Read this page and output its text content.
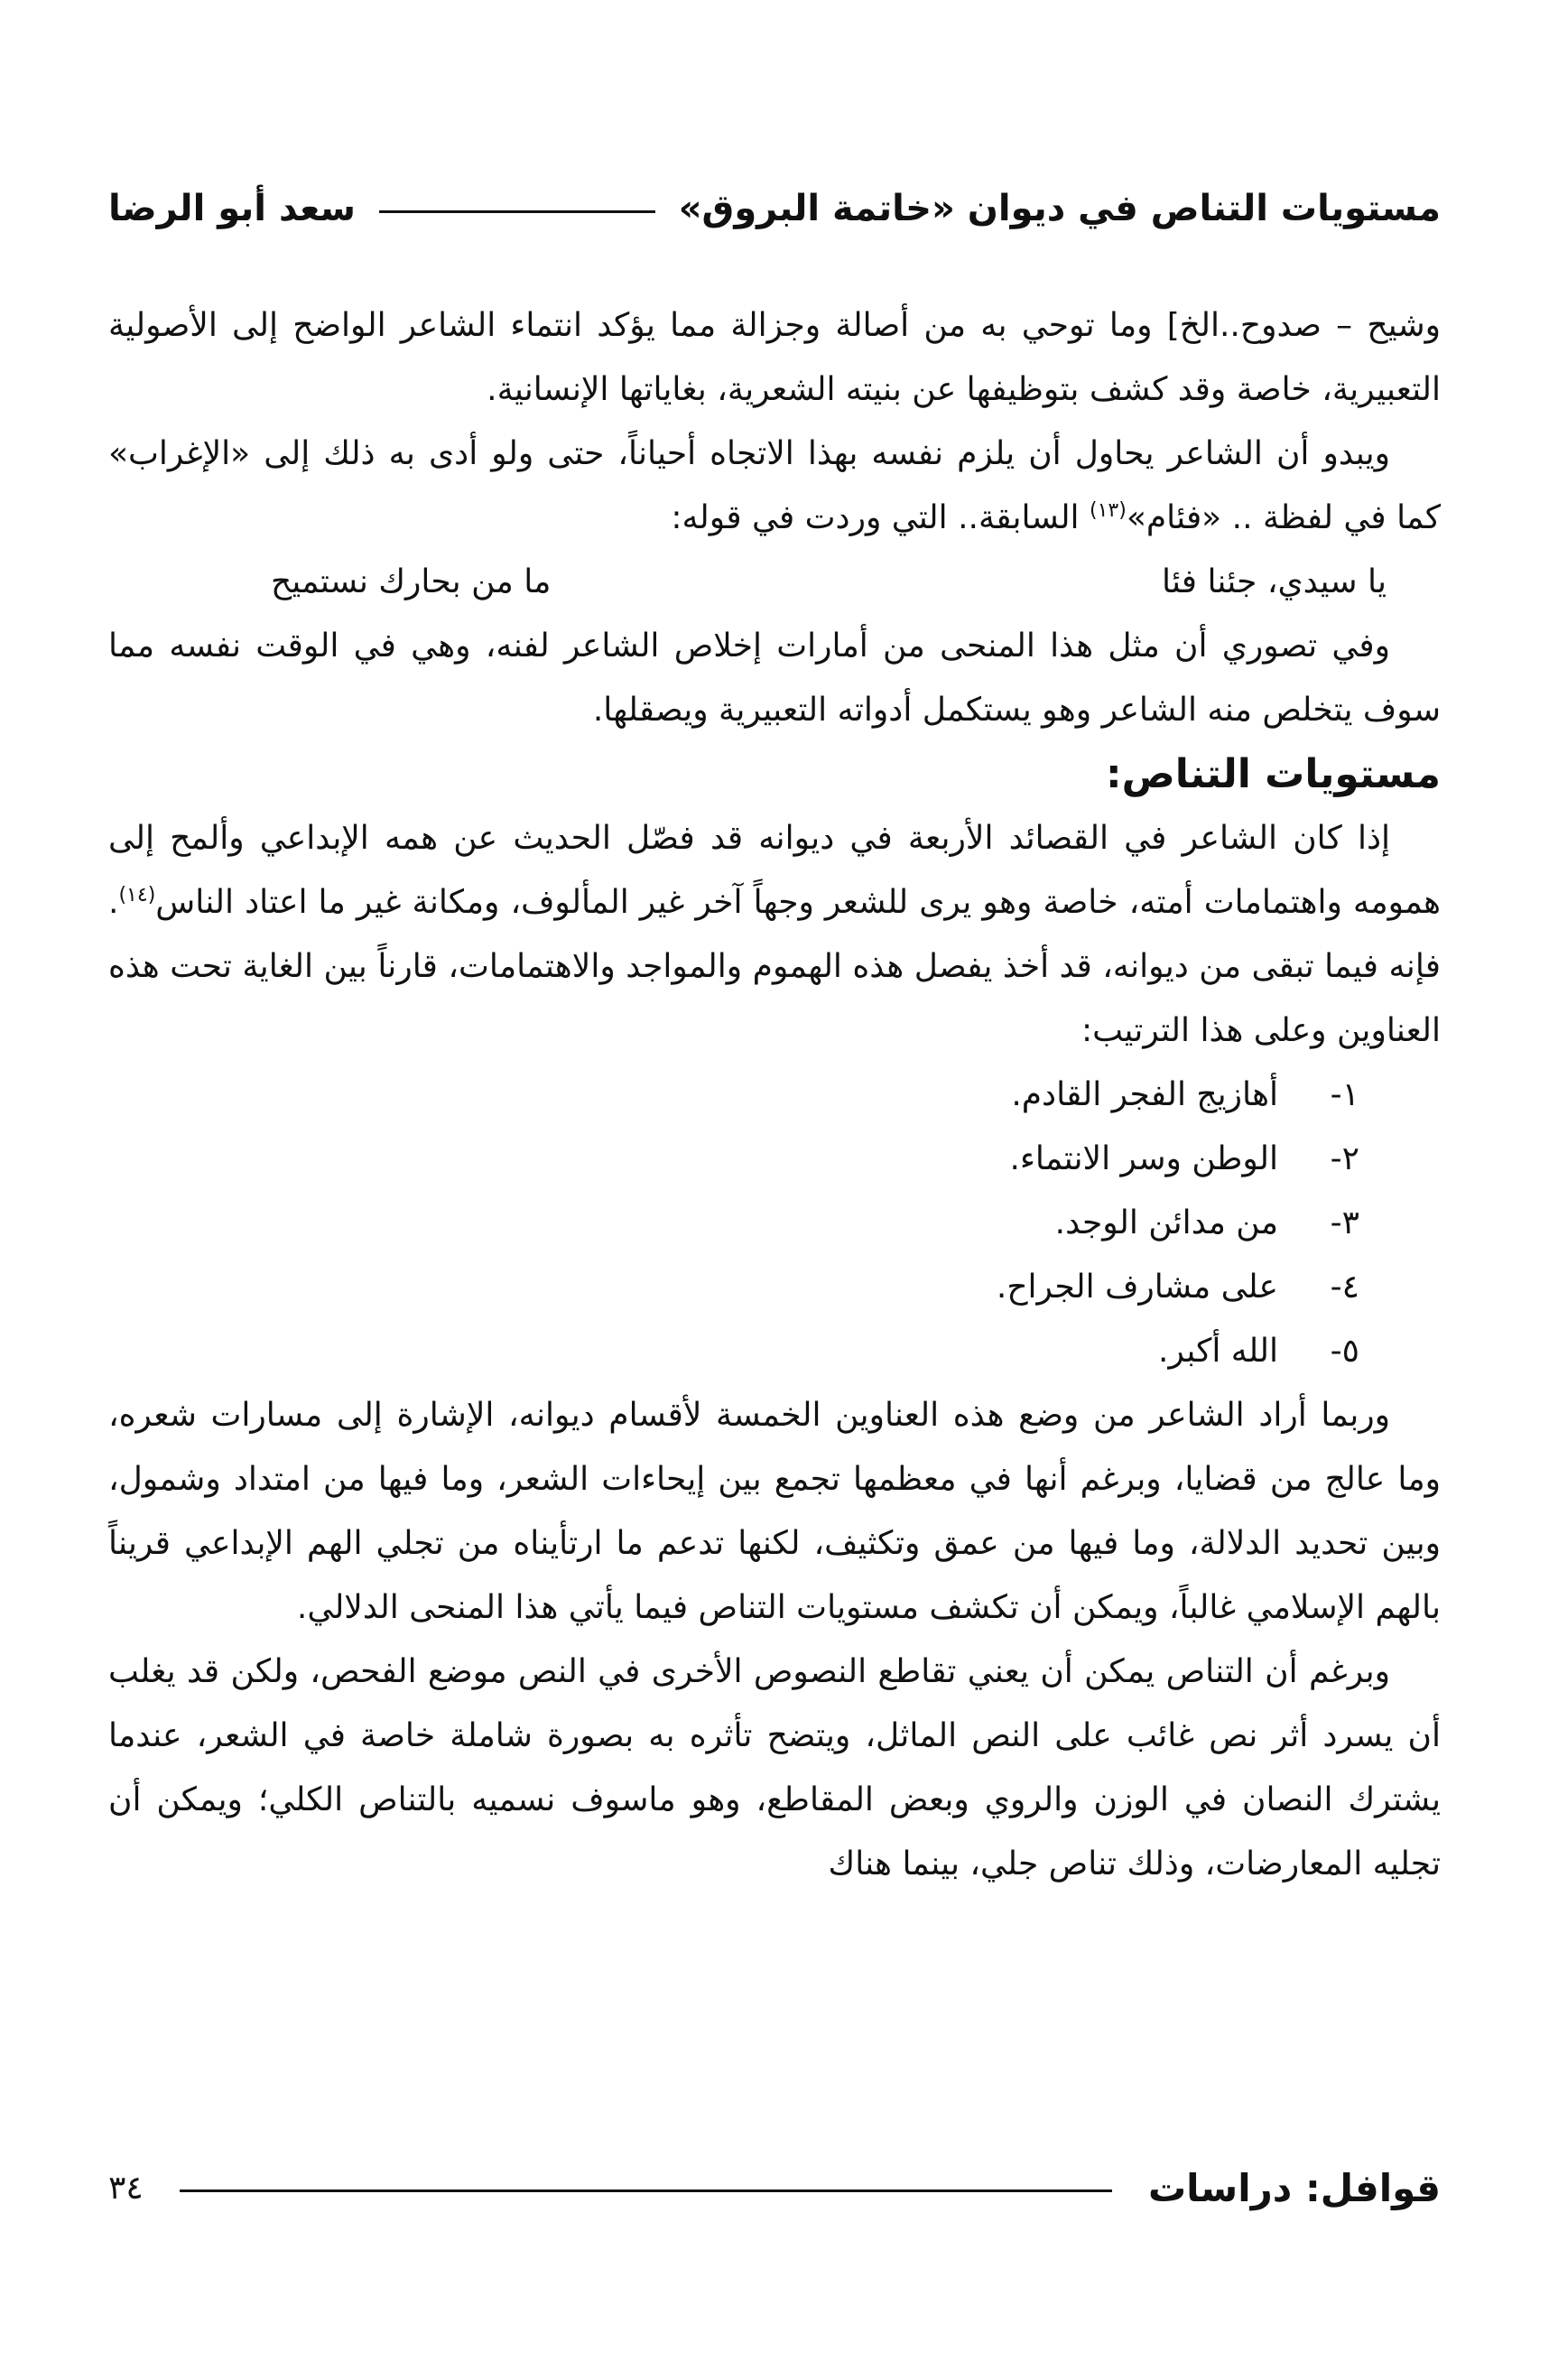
مستويات التناص في ديوان «خاتمة البروق»
سعد أبو الرضا

وشيح – صدوح..الخ] وما توحي به من أصالة وجزالة مما يؤكد انتماء الشاعر الواضح إلى الأصولية التعبيرية، خاصة وقد كشف بتوظيفها عن بنيته الشعرية، بغاياتها الإنسانية.

ويبدو أن الشاعر يحاول أن يلزم نفسه بهذا الاتجاه أحياناً، حتى ولو أدى به ذلك إلى «الإغراب» كما في لفظة .. «فئام»$^{(١٣)}$ السابقة.. التي وردت في قوله:

يا سيدي، جئنا فئا
ما من بحارك نستميح

وفي تصوري أن مثل هذا المنحى من أمارات إخلاص الشاعر لفنه، وهي في الوقت نفسه مما سوف يتخلص منه الشاعر وهو يستكمل أدواته التعبيرية ويصقلها.

مستويات التناص:

إذا كان الشاعر في القصائد الأربعة في ديوانه قد فصّل الحديث عن همه الإبداعي وألمح إلى همومه واهتمامات أمته، خاصة وهو يرى للشعر وجهاً آخر غير المألوف، ومكانة غير ما اعتاد الناس$^{(١٤)}$. فإنه فيما تبقى من ديوانه، قد أخذ يفصل هذه الهموم والمواجد والاهتمامات، قارناً بين الغاية تحت هذه العناوين وعلى هذا الترتيب:

١-
أهازيج الفجر القادم.
٢-
الوطن وسر الانتماء.
٣-
من مدائن الوجد.
٤-
على مشارف الجراح.
٥-
الله أكبر.

وربما أراد الشاعر من وضع هذه العناوين الخمسة لأقسام ديوانه، الإشارة إلى مسارات شعره، وما عالج من قضايا، وبرغم أنها في معظمها تجمع بين إيحاءات الشعر، وما فيها من امتداد وشمول، وبين تحديد الدلالة، وما فيها من عمق وتكثيف، لكنها تدعم ما ارتأيناه من تجلي الهم الإبداعي قريناً بالهم الإسلامي غالباً، ويمكن أن تكشف مستويات التناص فيما يأتي هذا المنحى الدلالي.

وبرغم أن التناص يمكن أن يعني تقاطع النصوص الأخرى في النص موضع الفحص، ولكن قد يغلب أن يسرد أثر نص غائب على النص الماثل، ويتضح تأثره به بصورة شاملة خاصة في الشعر، عندما يشترك النصان في الوزن والروي وبعض المقاطع، وهو ماسوف نسميه بالتناص الكلي؛ ويمكن أن تجليه المعارضات، وذلك تناص جلي، بينما هناك

قوافل: دراسات
٣٤
